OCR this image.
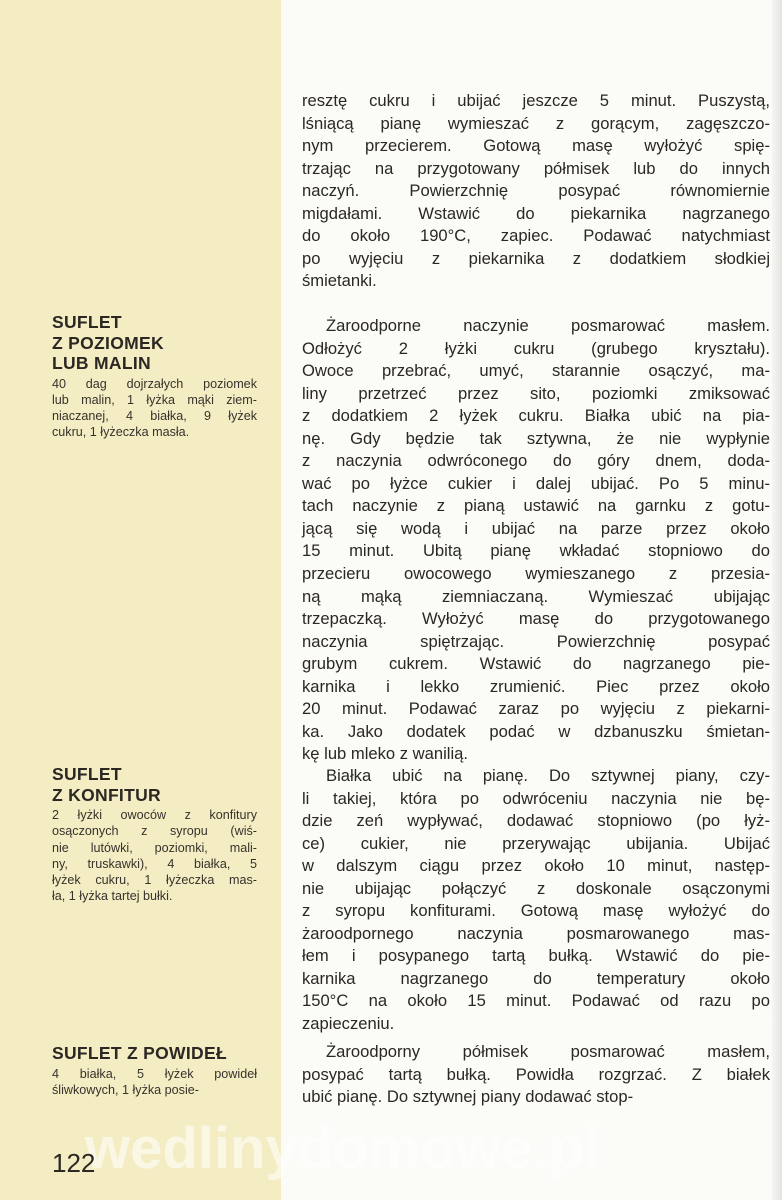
SUFLET
Z POZIOMEK
LUB MALIN
40 dag dojrzałych poziomek
lub malin, 1 łyżka mąki ziem-
niaczanej, 4 białka, 9 łyżek
cukru, 1 łyżeczka masła.
SUFLET
Z KONFITUR
2 łyżki owoców z konfitury
osączonych z syropu (wiś-
nie lutówki, poziomki, mali-
ny, truskawki), 4 białka, 5
łyżek cukru, 1 łyżeczka mas-
ła, 1 łyżka tartej bułki.
SUFLET Z POWIDEŁ
4 białka, 5 łyżek powideł
śliwkowych, 1 łyżka posie-
resztę cukru i ubijać jeszcze 5 minut. Puszystą,
lśniącą pianę wymieszać z gorącym, zagęszczo-
nym przecierem. Gotową masę wyłożyć spię-
trzając na przygotowany półmisek lub do innych
naczyń. Powierzchnię posypać równomiernie
migdałami. Wstawić do piekarnika nagrzanego
do około 190°C, zapiec. Podawać natychmiast
po wyjęciu z piekarnika z dodatkiem słodkiej
śmietanki.
Żaroodporne naczynie posmarować masłem.
Odłożyć 2 łyżki cukru (grubego kryształu).
Owoce przebrać, umyć, starannie osączyć, ma-
liny przetrzeć przez sito, poziomki zmiksować
z dodatkiem 2 łyżek cukru. Białka ubić na pia-
nę. Gdy będzie tak sztywna, że nie wypłynie
z naczynia odwróconego do góry dnem, doda-
wać po łyżce cukier i dalej ubijać. Po 5 minu-
tach naczynie z pianą ustawić na garnku z gotu-
jącą się wodą i ubijać na parze przez około
15 minut. Ubitą pianę wkładać stopniowo do
przecieru owocowego wymieszanego z przesia-
ną mąką ziemniaczaną. Wymieszać ubijając
trzepaczką. Wyłożyć masę do przygotowanego
naczynia spiętrzając. Powierzchnię posypać
grubym cukrem. Wstawić do nagrzanego pie-
karnika i lekko zrumienić. Piec przez około
20 minut. Podawać zaraz po wyjęciu z piekarni-
ka. Jako dodatek podać w dzbanuszku śmietan-
kę lub mleko z wanilią.
Białka ubić na pianę. Do sztywnej piany, czy-
li takiej, która po odwróceniu naczynia nie bę-
dzie zeń wypływać, dodawać stopniowo (po łyż-
ce) cukier, nie przerywając ubijania. Ubijać
w dalszym ciągu przez około 10 minut, następ-
nie ubijając połączyć z doskonale osączonymi
z syropu konfiturami. Gotową masę wyłożyć do
żaroodpornego naczynia posmarowanego mas-
łem i posypanego tartą bułką. Wstawić do pie-
karnika nagrzanego do temperatury około
150°C na około 15 minut. Podawać od razu po
zapieczeniu.
Żaroodporny półmisek posmarować masłem,
posypać tartą bułką. Powidła rozgrzać. Z białek
ubić pianę. Do sztywnej piany dodawać stop-
wedlinydomowe.pl
122
